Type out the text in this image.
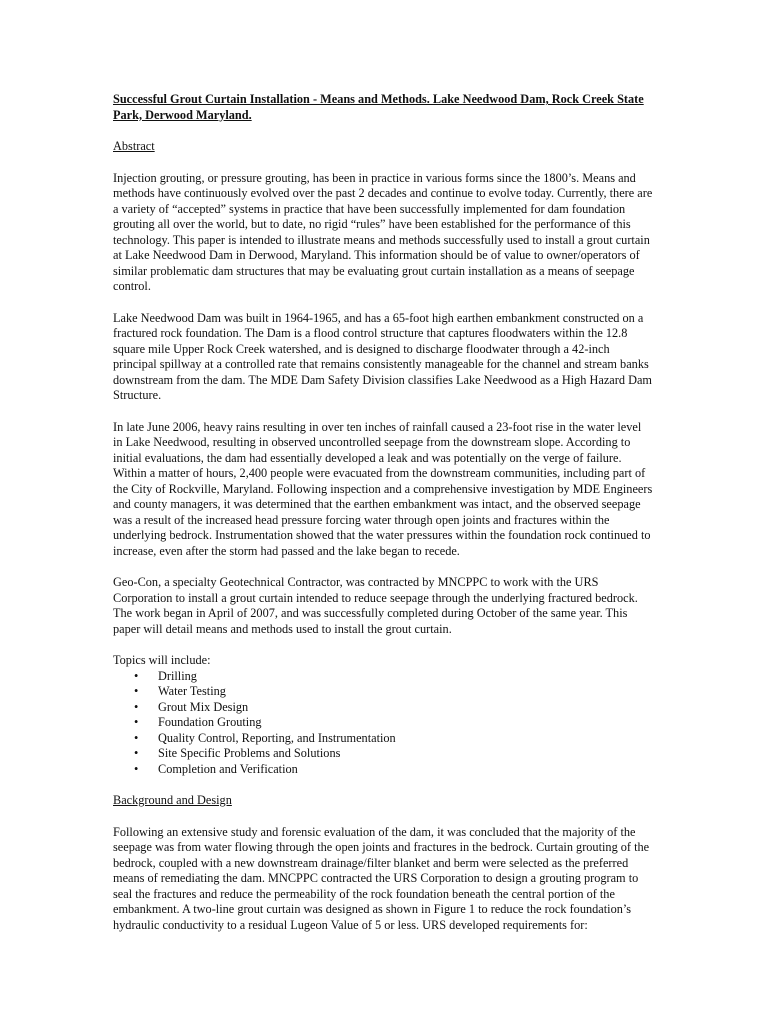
Successful Grout Curtain Installation - Means and Methods. Lake Needwood Dam, Rock Creek State Park, Derwood Maryland.

Abstract

Injection grouting, or pressure grouting, has been in practice in various forms since the 1800’s. Means and methods have continuously evolved over the past 2 decades and continue to evolve today. Currently, there are a variety of “accepted” systems in practice that have been successfully implemented for dam foundation grouting all over the world, but to date, no rigid “rules” have been established for the performance of this technology. This paper is intended to illustrate means and methods successfully used to install a grout curtain at Lake Needwood Dam in Derwood, Maryland. This information should be of value to owner/operators of similar problematic dam structures that may be evaluating grout curtain installation as a means of seepage control.

Lake Needwood Dam was built in 1964-1965, and has a 65-foot high earthen embankment constructed on a fractured rock foundation. The Dam is a flood control structure that captures floodwaters within the 12.8 square mile Upper Rock Creek watershed, and is designed to discharge floodwater through a 42-inch principal spillway at a controlled rate that remains consistently manageable for the channel and stream banks downstream from the dam. The MDE Dam Safety Division classifies Lake Needwood as a High Hazard Dam Structure.

In late June 2006, heavy rains resulting in over ten inches of rainfall caused a 23-foot rise in the water level in Lake Needwood, resulting in observed uncontrolled seepage from the downstream slope. According to initial evaluations, the dam had essentially developed a leak and was potentially on the verge of failure. Within a matter of hours, 2,400 people were evacuated from the downstream communities, including part of the City of Rockville, Maryland. Following inspection and a comprehensive investigation by MDE Engineers and county managers, it was determined that the earthen embankment was intact, and the observed seepage was a result of the increased head pressure forcing water through open joints and fractures within the underlying bedrock. Instrumentation showed that the water pressures within the foundation rock continued to increase, even after the storm had passed and the lake began to recede.

Geo-Con, a specialty Geotechnical Contractor, was contracted by MNCPPC to work with the URS Corporation to install a grout curtain intended to reduce seepage through the underlying fractured bedrock. The work began in April of 2007, and was successfully completed during October of the same year. This paper will detail means and methods used to install the grout curtain.

Topics will include:

• Drilling
• Water Testing
• Grout Mix Design
• Foundation Grouting
• Quality Control, Reporting, and Instrumentation
• Site Specific Problems and Solutions
• Completion and Verification

Background and Design

Following an extensive study and forensic evaluation of the dam, it was concluded that the majority of the seepage was from water flowing through the open joints and fractures in the bedrock. Curtain grouting of the bedrock, coupled with a new downstream drainage/filter blanket and berm were selected as the preferred means of remediating the dam. MNCPPC contracted the URS Corporation to design a grouting program to seal the fractures and reduce the permeability of the rock foundation beneath the central portion of the embankment. A two-line grout curtain was designed as shown in Figure 1 to reduce the rock foundation’s hydraulic conductivity to a residual Lugeon Value of 5 or less. URS developed requirements for:
